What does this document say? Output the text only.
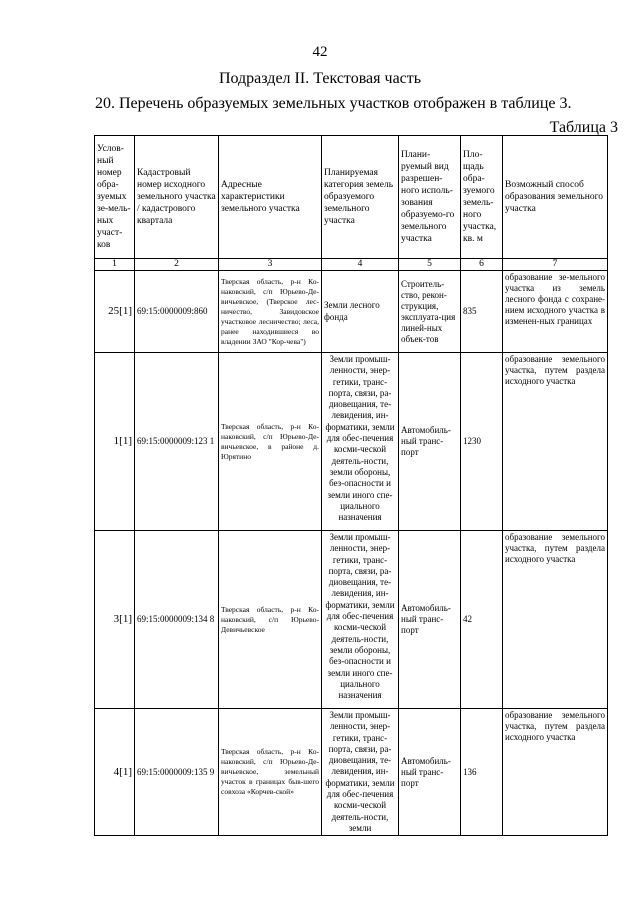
42
Подраздел II. Текстовая часть
20. Перечень образуемых земельных участков отображен в таблице 3.
Таблица 3
Услов-ный номер обра-зуемых зе-мель-ных участ-ков	Кадастровый номер исходного земельного участка / кадастрового квартала	Адресные характеристики земельного участка	Планируемая категория земель образуемого земельного участка	Плани-руемый вид разрешен-ного исполь-зования образуемо-го земельного участка	Пло-щадь обра-зуемого земель-ного участка, кв. м	Возможный способ образования земельного участка
1	2	3	4	5	6	7
25[1]	69:15:0000009:860	Тверская область, р-н Ко-наковский, с/п Юрьево-Де-вичьевское, (Тверское лес-ничество, Завидовское участковое лесничество; леса, ранее находившиеся во владении ЗАО "Кор-чева")	Земли лесного фонда	Строитель-ство, рекон-струкция, эксплуата-ция линей-ных объек-тов	835	образование зе-мельного участка из земель лесного фонда с сохране-нием исходного участка в изменен-ных границах
1[1]	69:15:0000009:123 1	Тверская область, р-н Ко-наковский, с/п Юрьево-Де-вичьевское, в районе д. Юрятино	Земли промыш-ленности, энер-гетики, транс-порта, связи, ра-диовещания, те-левидения, ин-форматики, земли для обес-печения косми-ческой деятель-ности, земли обороны, без-опасности и земли иного спе-циального назначения	Автомобиль-ный транс-порт	1230	образование земельного участка, путем раздела исходного участка
3[1]	69:15:0000009:134 8	Тверская область, р-н Ко-наковский, с/п Юрьево-Девичьевское	Земли промыш-ленности, энер-гетики, транс-порта, связи, ра-диовещания, те-левидения, ин-форматики, земли для обес-печения косми-ческой деятель-ности, земли обороны, без-опасности и земли иного спе-циального назначения	Автомобиль-ный транс-порт	42	образование земельного участка, путем раздела исходного участка
4[1]	69:15:0000009:135 9	Тверская область, р-н Ко-наковский, с/п Юрьево-Де-вичьевское, земельный участок в границах быв-шего совхоза «Корчев-ской»	Земли промыш-ленности, энер-гетики, транс-порта, связи, ра-диовещания, те-левидения, ин-форматики, земли для обес-печения косми-ческой деятель-ности, земли	Автомобиль-ный транс-порт	136	образование земельного участка, путем раздела исходного участка
